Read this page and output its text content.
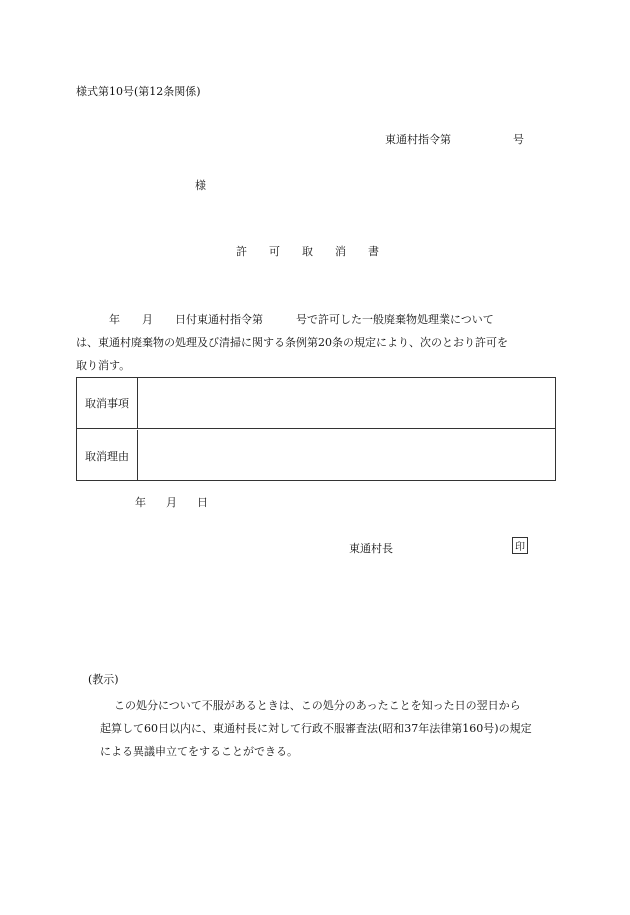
様式第10号(第12条関係)
東通村指令第	号
様
許 可 取 消 書
　　　年　　月　　日付東通村指令第　　　号で許可した一般廃棄物処理業について
は、東通村廃棄物の処理及び清掃に関する条例第20条の規定により、次のとおり許可を
取り消す。
取消事項
取消理由
年 月 日
東通村長	印
(教示)
この処分について不服があるときは、この処分のあったことを知った日の翌日から
起算して60日以内に、東通村長に対して行政不服審査法(昭和37年法律第160号)の規定
による異議申立てをすることができる。
